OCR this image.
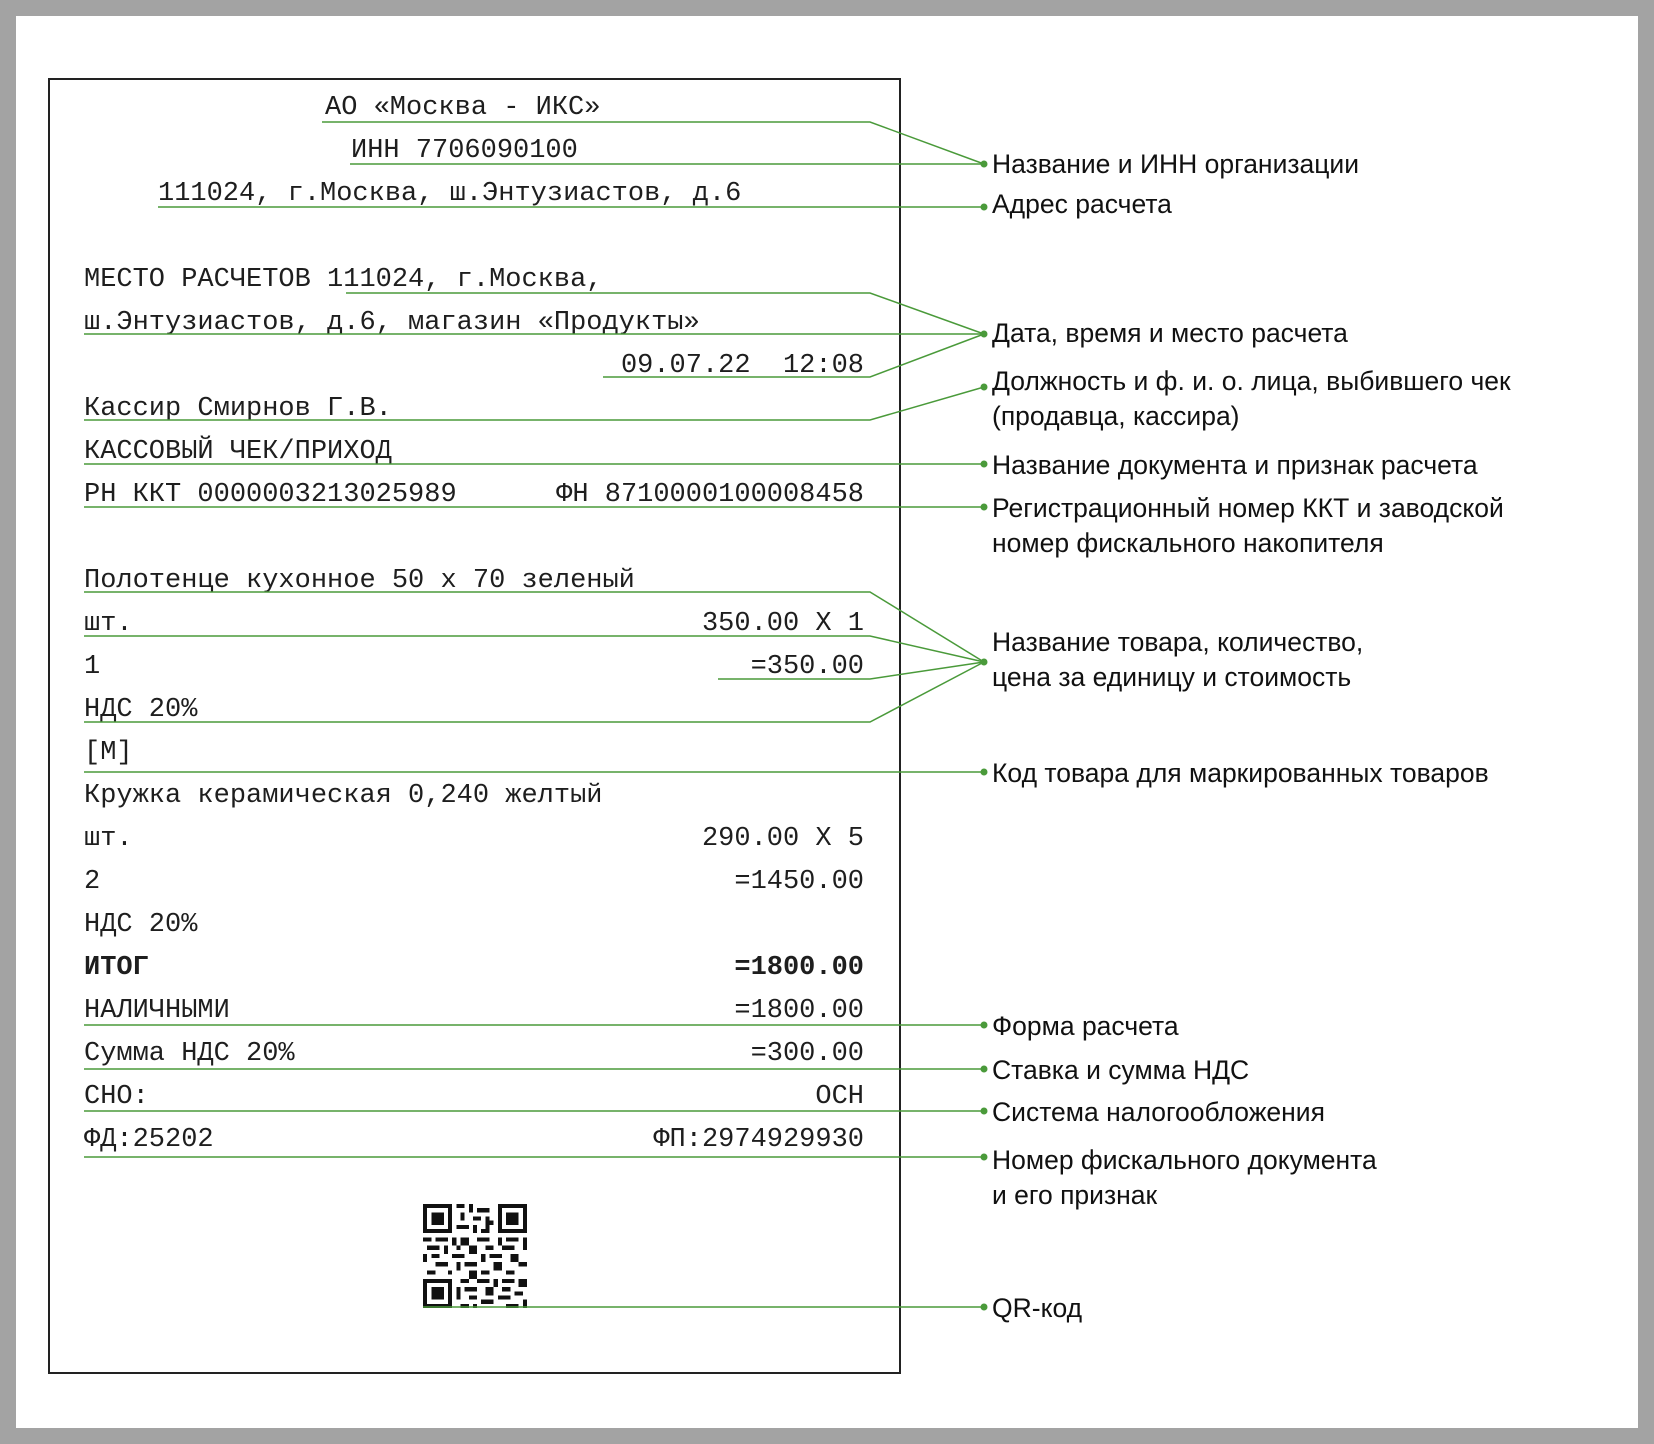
АО «Москва - ИКС»
ИНН 7706090100
111024, г.Москва, ш.Энтузиастов, д.6
МЕСТО РАСЧЕТОВ 111024, г.Москва,
ш.Энтузиастов, д.6, магазин «Продукты»
09.07.22  12:08
Кассир Смирнов Г.В.
КАССОВЫЙ ЧЕК/ПРИХОД
РН ККТ 0000003213025989	ФН 8710000100008458
Полотенце кухонное 50 х 70 зеленый
шт.	350.00 Х 1
1	=350.00
НДС 20%
[M]
Кружка керамическая 0,240 желтый
шт.	290.00 Х 5
2	=1450.00
НДС 20%
ИТОГ	=1800.00
НАЛИЧНЫМИ	=1800.00
Сумма НДС 20%	=300.00
СНО:	ОСН
ФД:25202	ФП:2974929930
Название и ИНН организации
Адрес расчета
Дата, время и место расчета
Должность и ф. и. о. лица, выбившего чек
(продавца, кассира)
Название документа и признак расчета
Регистрационный номер ККТ и заводской
номер фискального накопителя
Название товара, количество,
цена за единицу и стоимость
Код товара для маркированных товаров
Форма расчета
Ставка и сумма НДС
Система налогообложения
Номер фискального документа
и его признак
QR-код
